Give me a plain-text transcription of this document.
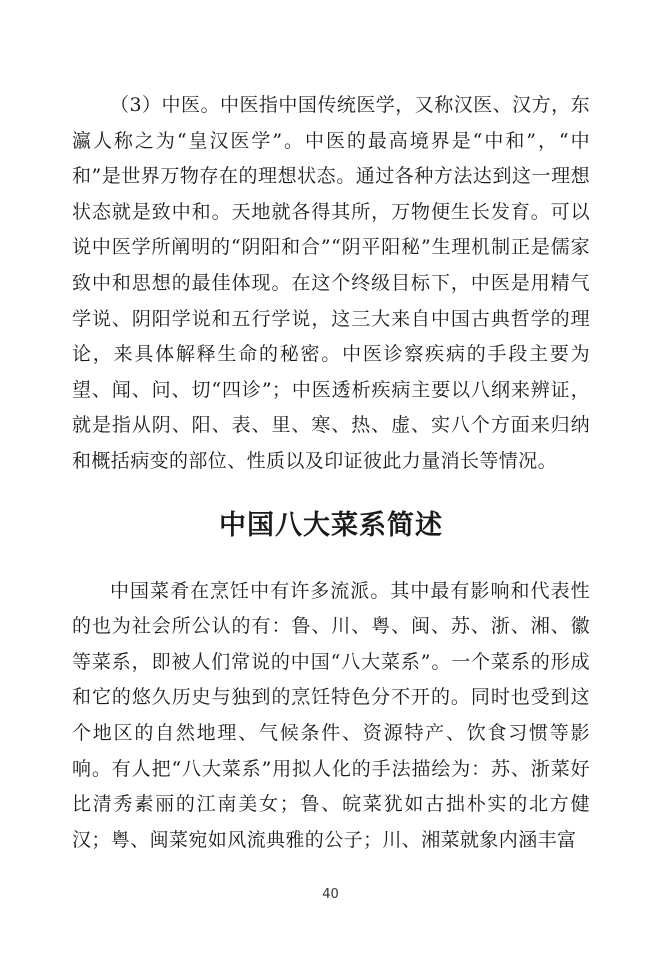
（3）中医。中医指中国传统医学，又称汉医、汉方，东瀛人称之为“皇汉医学”。中医的最高境界是“中和”，“中和”是世界万物存在的理想状态。通过各种方法达到这一理想状态就是致中和。天地就各得其所，万物便生长发育。可以说中医学所阐明的“阴阳和合”“阴平阳秘”生理机制正是儒家致中和思想的最佳体现。在这个终级目标下，中医是用精气学说、阴阳学说和五行学说，这三大来自中国古典哲学的理论，来具体解释生命的秘密。中医诊察疾病的手段主要为望、闻、问、切“四诊”；中医透析疾病主要以八纲来辨证，就是指从阴、阳、表、里、寒、热、虚、实八个方面来归纳和概括病变的部位、性质以及印证彼此力量消长等情况。

中国八大菜系简述

中国菜肴在烹饪中有许多流派。其中最有影响和代表性的也为社会所公认的有：鲁、川、粤、闽、苏、浙、湘、徽等菜系，即被人们常说的中国“八大菜系”。一个菜系的形成和它的悠久历史与独到的烹饪特色分不开的。同时也受到这个地区的自然地理、气候条件、资源特产、饮食习惯等影响。有人把“八大菜系”用拟人化的手法描绘为：苏、浙菜好比清秀素丽的江南美女；鲁、皖菜犹如古拙朴实的北方健汉；粤、闽菜宛如风流典雅的公子；川、湘菜就象内涵丰富

40
